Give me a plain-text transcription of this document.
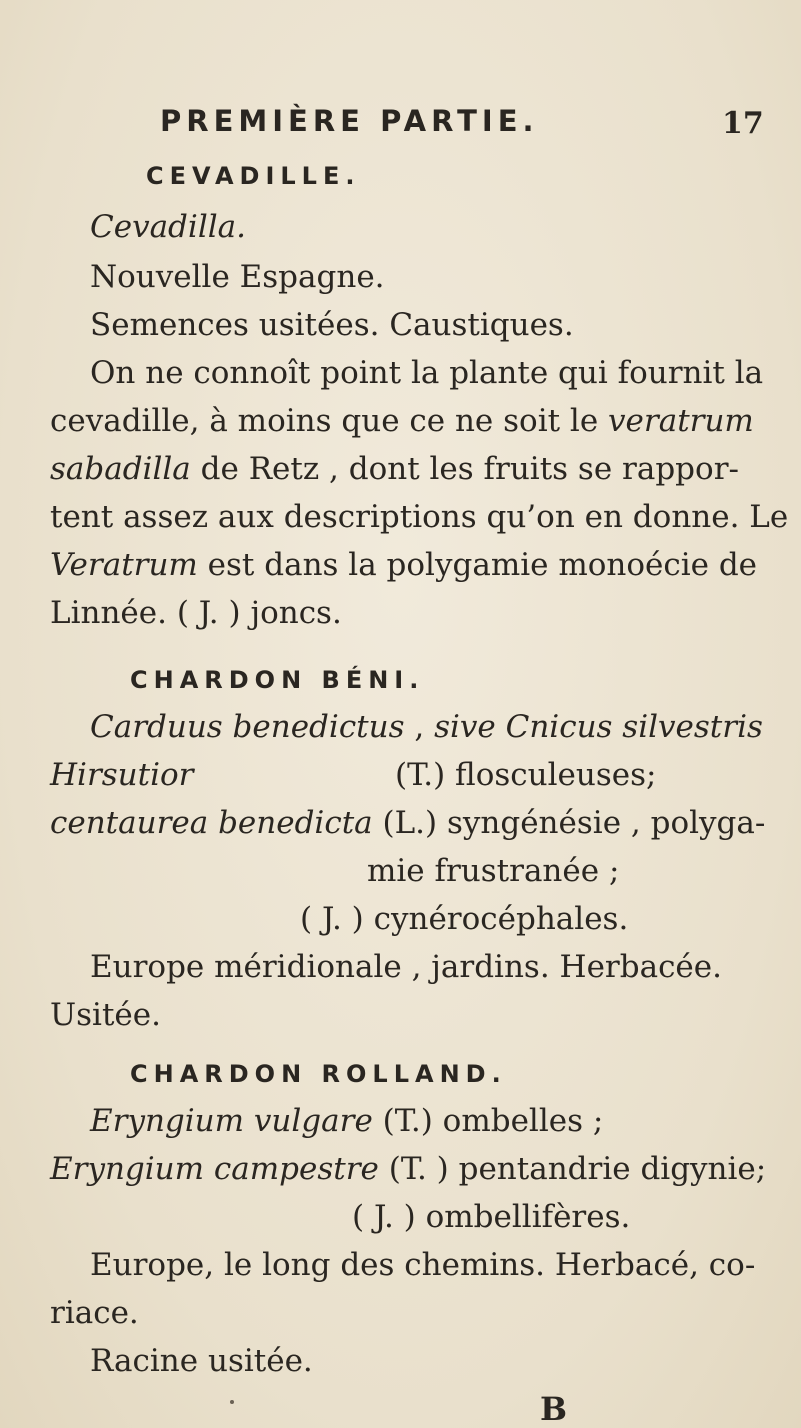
PREMIÈRE PARTIE.	17
CEVADILLE.
Cevadilla.
Nouvelle Espagne.
Semences usitées. Caustiques.
On ne connoît point la plante qui fournit la
cevadille, à moins que ce ne soit le veratrum
sabadilla de Retz , dont les fruits se rappor-
tent assez aux descriptions qu’on en donne. Le
Veratrum est dans la polygamie monoécie de
Linnée. ( J. ) joncs.
CHARDON BÉNI.
Carduus benedictus , sive Cnicus silvestris
Hirsutior	(T.) flosculeuses;
centaurea benedicta (L.) syngénésie , polyga-
mie frustranée ;
( J. ) cynérocéphales.
Europe méridionale , jardins. Herbacée.
Usitée.
CHARDON ROLLAND.
Eryngium vulgare (T.) ombelles ;
Eryngium campestre (T. ) pentandrie digynie;
( J. ) ombellifères.
Europe, le long des chemins. Herbacé, co-
riace.
Racine usitée.
B
